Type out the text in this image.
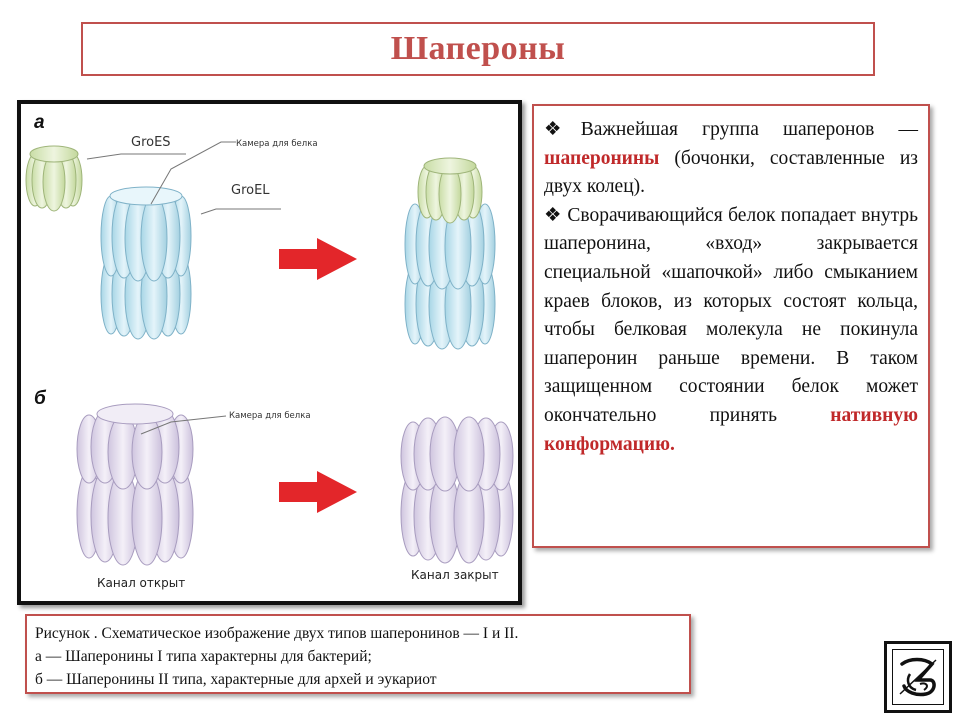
Шапероны
а
б
GroES	Камера для белка
GroEL
Камера для белка
Канал открыт
Канал закрыт

❖Важнейшая группа шаперонов — шаперонины (бочонки, составленные из двух колец).

❖ Сворачивающийся белок попадает внутрь шаперонина, «вход» закрывается специальной «шапочкой» либо смыканием краев блоков, из которых состоят кольца, чтобы белковая молекула не покинула шаперонин раньше времени. В таком защищенном состоянии белок может окончательно принять нативную конформацию.

Рисунок . Схематическое изображение двух типов шаперонинов — I и II.
а — Шаперонины I типа характерны для бактерий;
б — Шаперонины II типа, характерные для архей и эукариот
